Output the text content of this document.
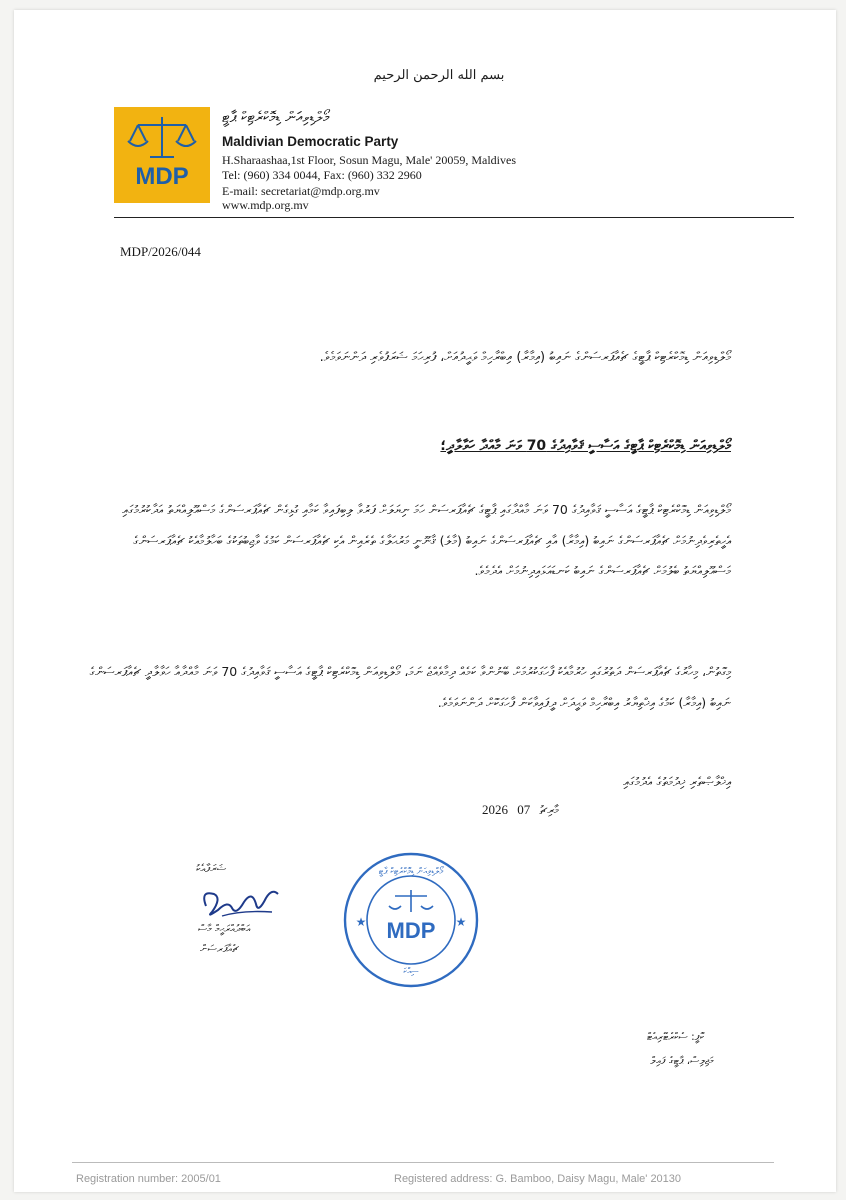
بسم الله الرحمن الرحيم
MDP
މޯލްޑިވިއަން ޑިމޮކްރެޓިކް ޕާޓީ
Maldivian Democratic Party
H.Sharaashaa,1st Floor, Sosun Magu, Male' 20059, Maldives
Tel: (960) 334 0044, Fax: (960) 332 2960
E-mail: secretariat@mdp.org.mv
www.mdp.org.mv
MDP/2026/044
މޯލްޑިވިއަން ޑިމޮކްރެޓިކް ޕާޓީގެ ޗެއާޕަރސަންގެ ނައިބު (އިމާރާ) އިބްރާހިމް ވަޙީދުއަށް، ފުރިހަމަ ޝަރަފުވެރި ދަންނަވަމެވެ.
މޯލްޑިވިއަން ޑިމޮކްރެޓިކް ޕާޓީގެ އަސާސީ ޤަވާއިދުގެ 70 ވަނަ މާއްދާ ހަވާލާދީ؛
މޯލްޑިވިއަން ޑިމޮކްރެޓިކް ޕާޓީގެ އަސާސީ ޤަވާއިދުގެ 70 ވަނަ މާއްދާގައި ޕާޓީގެ ޗެއާޕަރސަން ހަމަ ނިޔަލަށް ފަރުވާ ލިބިފައިވާ ކަމާއި ގުޅިގެން ޗެއާޕަރސަންގެ މަސްއޫލިއްޔަތު އަދާކުރުމުގައި އެހީތެރިވެދިނުމަށް ޗެއާޕަރސަންގެ ނައިބު (އިމާރާ) އާއި ޗެއާޕަރސަންގެ ނައިބު (މާލެ) ޤާނޫނީ މަރުޙަލާގެ ތެރެއިން އެކި ޗެއާޕަރސަން ކަމުގެ ވާޖިބުތަކުގެ ބަހާލުމާއެކު ޗެއާޕަރސަންގެ މަސްއޫލިއްޔަތު ބެލުމަށް ޗެއާޕަރސަންގެ ނައިބު ކަނޑައަޅައިދިނުމަށް އެދެމެވެ.
މިގޮތުން، މިހާރުގެ ޗެއާޕަރސަން ދަތުރުގައި ހުރުމާއެކު ފާހަގަކުރުމަށް ބޭނުންވާ ކަމެއް ދިމާވެއްޖެ ނަމަ، މޯލްޑިވިއަން ޑިމޮކްރެޓިކް ޕާޓީގެ އަސާސީ ޤަވާއިދުގެ 70 ވަނަ މާއްދާއާ ހަވާލާދީ ޗެއާޕަރސަންގެ ނައިބު (އިމާރާ) ކަމުގެ އިޚްތިޔާރު އިބްރާހިމް ވަޙީދަށް ދީފައިވާކަން ފާހަގަކޮށް ދަންނަވަމެވެ.
އިޚްލާޞްތެރި ޚިދުމަތުގެ އެދުމުގައި
2026	މާރިޗު 07
ޝަރަފާއެކު
އަބްދުއްރަޙީމް މާސް
ޗެއާޕަރސަން
މޯލްޑިވިއަން ޑިމޮކްރެޓިކް ޕާޓީ
★	★
MDP
ސިއްކަ
ކޮޕީ: ސެކްރެޓޭރިއެޓް
މަޖިލިސް، ޕާޓީގެ ފައިލް
Registration number: 2005/01	Registered address: G. Bamboo, Daisy Magu, Male' 20130
